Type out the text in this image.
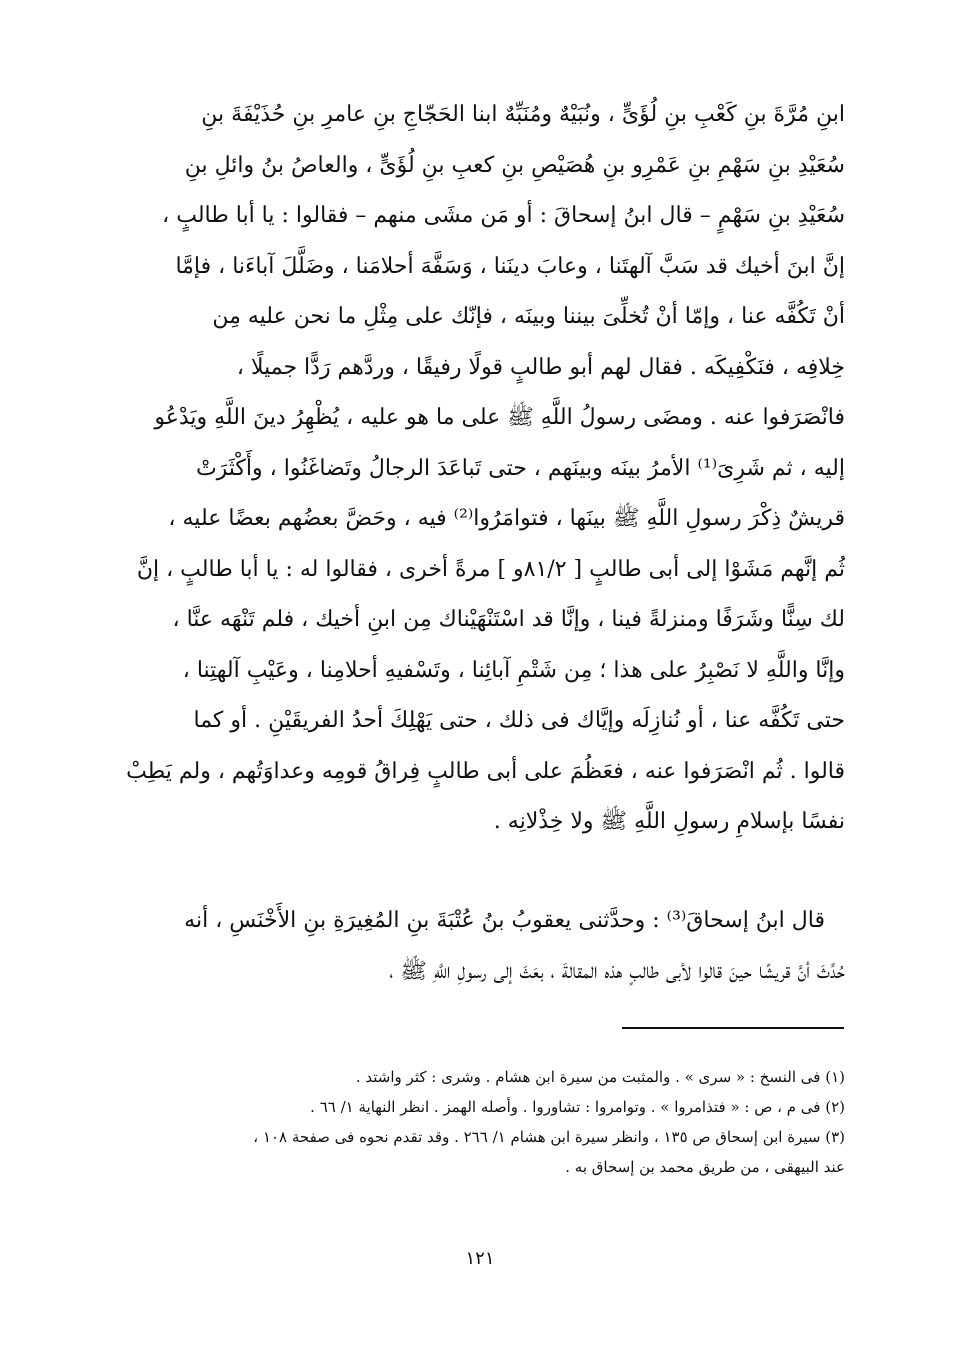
ابنِ مُرَّةَ بنِ كَعْبِ بنِ لُؤَىٍّ ، ونُبَيْهٌ ومُنَبِّهٌ ابنا الحَجّاجِ بنِ عامرِ بنِ حُذَيْفَةَ بنِ
سُعَيْدِ بنِ سَهْمِ بنِ عَمْرِو بنِ هُصَيْصِ بنِ كعبِ بنِ لُؤَىٍّ ، والعاصُ بنُ وائلِ بنِ
سُعَيْدِ بنِ سَهْمٍ – قال ابنُ إسحاقَ : أو مَن مشَى منهم – فقالوا : يا أبا طالبٍ ،
إنَّ ابنَ أخيك قد سَبَّ آلهتَنا ، وعابَ دينَنا ، وَسَفَّهَ أحلامَنا ، وضَلَّلَ آباءَنا ، فإمَّا
أنْ تَكُفَّه عنا ، وإمّا أنْ تُخلِّىَ بيننا وبينَه ، فإنّك على مِثْلِ ما نحن عليه مِن
خِلافِه ، فنَكْفِيكَه . فقال لهم أبو طالبٍ قولًا رفيقًا ، وردَّهم رَدًّا جميلًا ،
فانْصَرَفوا عنه . ومضَى رسولُ اللَّهِ ﷺ على ما هو عليه ، يُظْهِرُ دينَ اللَّهِ ويَدْعُو
إليه ، ثم شَرِىَ⁽¹⁾ الأمرُ بينَه وبينَهم ، حتى تَباعَدَ الرجالُ وتَضاغَنُوا ، وأَكْثَرَتْ
قريشٌ ذِكْرَ رسولِ اللَّهِ ﷺ بينَها ، فتوامَرُوا⁽²⁾ فيه ، وحَضَّ بعضُهم بعضًا عليه ،
ثُم إنَّهم مَشَوْا إلى أبى طالبٍ [ ٨١/٢و ] مرةً أخرى ، فقالوا له : يا أبا طالبٍ ، إنَّ
لك سِنًّا وشَرَفًا ومنزلةً فينا ، وإنَّا قد اسْتَنْهَيْناك مِن ابنِ أخيك ، فلم تَنْهَه عنَّا ،
وإنَّا واللَّهِ لا نَصْبِرُ على هذا ؛ مِن شَتْمِ آبائِنا ، وتَسْفيهِ أحلامِنا ، وعَيْبِ آلهتِنا ،
حتى تَكُفَّه عنا ، أو نُنازِلَه وإيَّاك فى ذلك ، حتى يَهْلِكَ أحدُ الفريقَيْنِ . أو كما
قالوا . ثُم انْصَرَفوا عنه ، فعَظُمَ على أبى طالبٍ فِراقُ قومِه وعداوَتُهم ، ولم يَطِبْ
نفسًا بإسلامِ رسولِ اللَّهِ ﷺ ولا خِذْلانِه .
قال ابنُ إسحاقَ⁽³⁾ : وحدَّثنى يعقوبُ بنُ عُتْبَةَ بنِ المُغِيرَةِ بنِ الأَخْنَسِ ، أنه
حُدِّثَ أنَّ قريشًا حينَ قالوا لأبى طالبٍ هذه المقالةَ ، بعَثَ إلى رسولِ اللَّهِ ﷺ ،
(١) فى النسخ : « سرى » . والمثبت من سيرة ابن هشام . وشرى : كثر واشتد .
(٢) فى م ، ص : « فتذامروا » . وتوامروا : تشاوروا . وأصله الهمز . انظر النهاية ١/ ٦٦ .
(٣) سيرة ابن إسحاق ص ١٣٥ ، وانظر سيرة ابن هشام ١/ ٢٦٦ . وقد تقدم نحوه فى صفحة ١٠٨ ،
عند البيهقى ، من طريق محمد بن إسحاق به .
١٢١
